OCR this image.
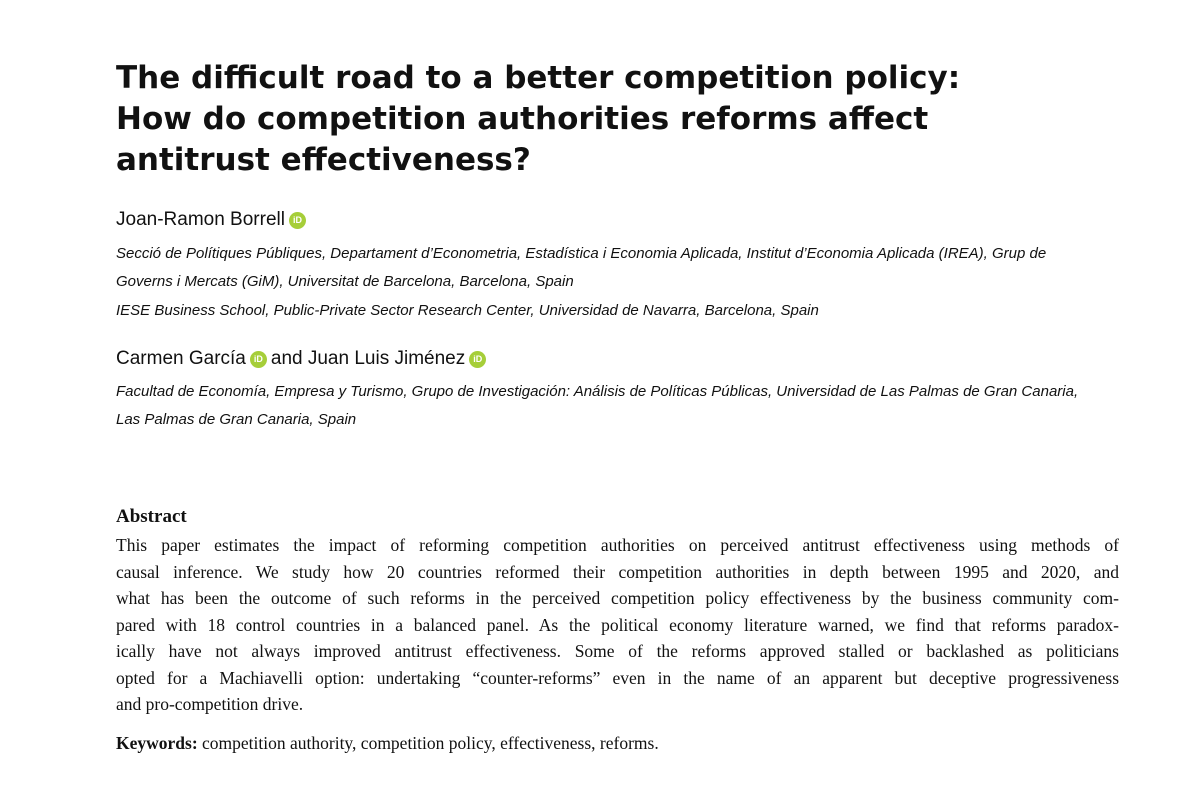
The difficult road to a better competition policy:
How do competition authorities reforms affect
antitrust effectiveness?
Joan-Ramon Borrell iD
Secció de Polítiques Públiques, Departament d’Econometria, Estadística i Economia Aplicada, Institut d’Economia Aplicada (IREA), Grup de
Governs i Mercats (GiM), Universitat de Barcelona, Barcelona, Spain
IESE Business School, Public-Private Sector Research Center, Universidad de Navarra, Barcelona, Spain
Carmen García iD and Juan Luis Jiménez iD
Facultad de Economía, Empresa y Turismo, Grupo de Investigación: Análisis de Políticas Públicas, Universidad de Las Palmas de Gran Canaria,
Las Palmas de Gran Canaria, Spain
Abstract
This paper estimates the impact of reforming competition authorities on perceived antitrust effectiveness using methods of
causal inference. We study how 20 countries reformed their competition authorities in depth between 1995 and 2020, and
what has been the outcome of such reforms in the perceived competition policy effectiveness by the business community com-
pared with 18 control countries in a balanced panel. As the political economy literature warned, we find that reforms paradox-
ically have not always improved antitrust effectiveness. Some of the reforms approved stalled or backlashed as politicians
opted for a Machiavelli option: undertaking “counter-reforms” even in the name of an apparent but deceptive progressiveness
and pro-competition drive.
Keywords: competition authority, competition policy, effectiveness, reforms.
